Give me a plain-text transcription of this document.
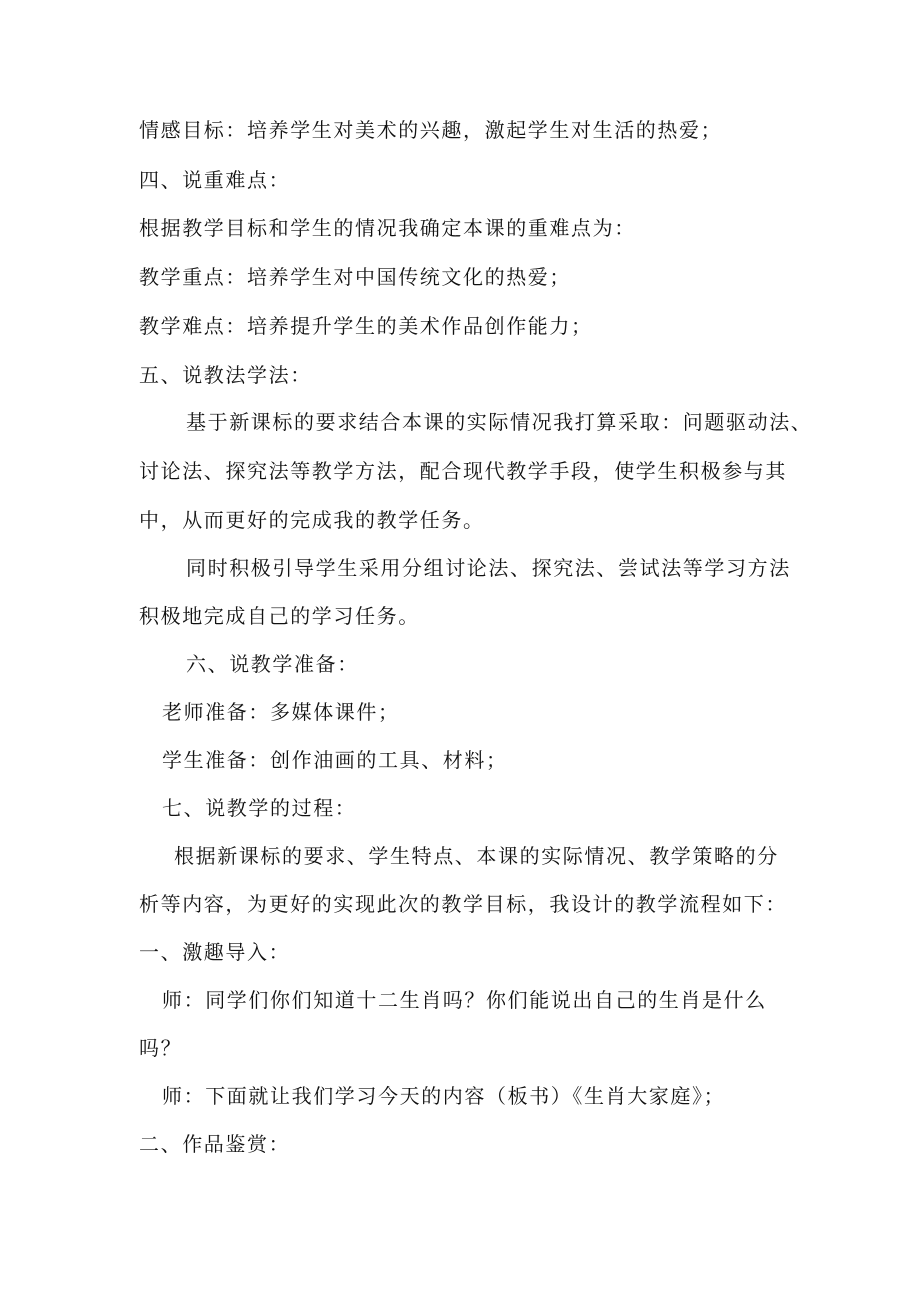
情感目标：培养学生对美术的兴趣，激起学生对生活的热爱；
四、说重难点：
根据教学目标和学生的情况我确定本课的重难点为：
教学重点：培养学生对中国传统文化的热爱；
教学难点：培养提升学生的美术作品创作能力；
五、说教法学法：
基于新课标的要求结合本课的实际情况我打算采取：问题驱动法、
讨论法、探究法等教学方法，配合现代教学手段，使学生积极参与其
中，从而更好的完成我的教学任务。
同时积极引导学生采用分组讨论法、探究法、尝试法等学习方法
积极地完成自己的学习任务。
六、说教学准备：
老师准备：多媒体课件；
学生准备：创作油画的工具、材料；
七、说教学的过程：
根据新课标的要求、学生特点、本课的实际情况、教学策略的分
析等内容，为更好的实现此次的教学目标，我设计的教学流程如下：
一、激趣导入：
师：同学们你们知道十二生肖吗？你们能说出自己的生肖是什么
吗？
师：下面就让我们学习今天的内容（板书）《生肖大家庭》；
二、作品鉴赏：
